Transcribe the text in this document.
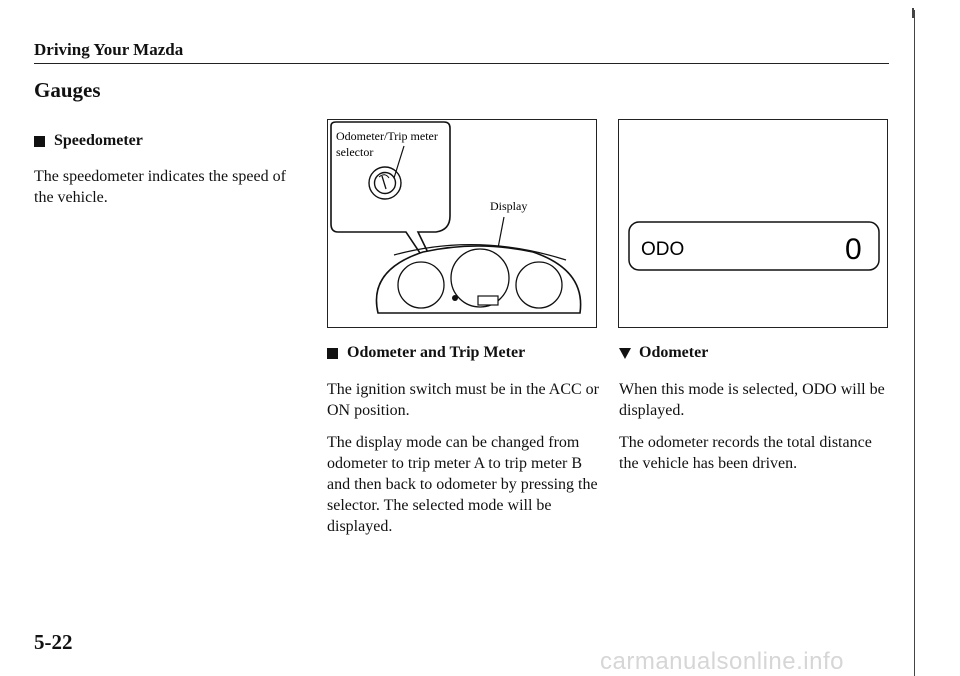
Driving Your Mazda
Gauges
Speedometer
The speedometer indicates the speed of the vehicle.
Odometer/Trip meter
selector
Display
ODO	0
Odometer and Trip Meter
The ignition switch must be in the ACC or ON position.
The display mode can be changed from odometer to trip meter A to trip meter B and then back to odometer by pressing the selector. The selected mode will be displayed.
Odometer
When this mode is selected, ODO will be displayed.
The odometer records the total distance the vehicle has been driven.
5-22
carmanualsonline.info
